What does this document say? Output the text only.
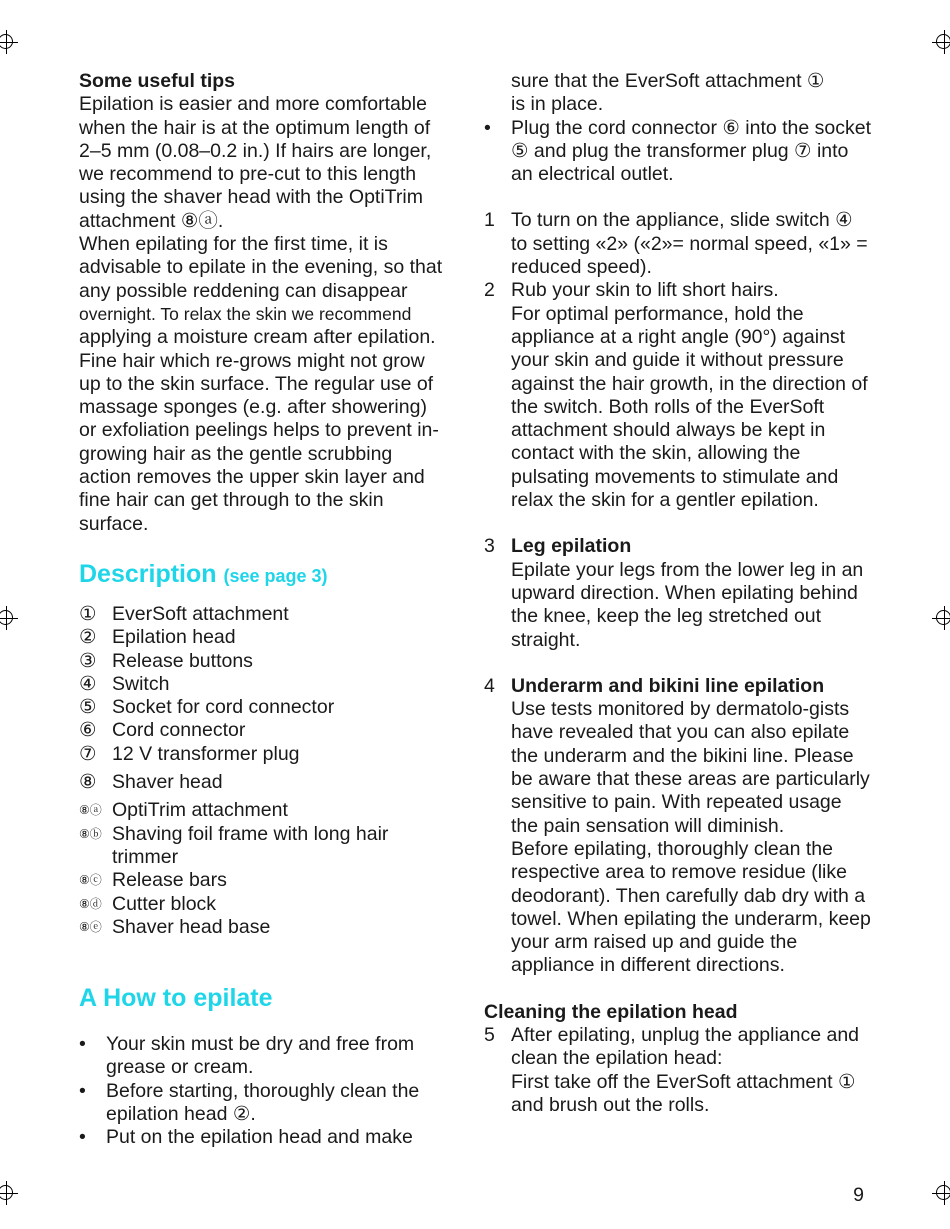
Some useful tips

Epilation is easier and more comfortable

when the hair is at the optimum length of

2–5 mm (0.08–0.2 in.) If hairs are longer,

we recommend to pre-cut to this length

using the shaver head with the OptiTrim

attachment ⑧ⓐ.

When epilating for the first time, it is

advisable to epilate in the evening, so that

any possible reddening can disappear

overnight. To relax the skin we recommend

applying a moisture cream after epilation.

Fine hair which re-grows might not grow

up to the skin surface. The regular use of

massage sponges (e.g. after showering)

or exfoliation peelings helps to prevent in-

growing hair as the gentle scrubbing

action removes the upper skin layer and

fine hair can get through to the skin

surface.

Description (see page 3)

① EverSoft attachment
② Epilation head
③ Release buttons
④ Switch
⑤ Socket for cord connector
⑥ Cord connector
⑦ 12 V transformer plug
⑧ Shaver head
⑧ⓐ OptiTrim attachment
⑧ⓑ Shaving foil frame with long hair
trimmer
⑧ⓒ Release bars
⑧ⓓ Cutter block
⑧ⓔ Shaver head base

A How to epilate

• Your skin must be dry and free from grease or cream.
• Before starting, thoroughly clean the epilation head ②.
• Put on the epilation head and make

sure that the EverSoft attachment ①

is in place.

• Plug the cord connector ⑥ into the socket ⑤ and plug the transformer plug ⑦ into an electrical outlet.
1 To turn on the appliance, slide switch ④ to setting «2» («2»= normal speed, «1» = reduced speed).
2 Rub your skin to lift short hairs.

For optimal performance, hold the appliance at a right angle (90°) against your skin and guide it without pressure against the hair growth, in the direction of the switch. Both rolls of the EverSoft attachment should always be kept in contact with the skin, allowing the pulsating movements to stimulate and relax the skin for a gentler epilation.

3 Leg epilation

Epilate your legs from the lower leg in an upward direction. When epilating behind the knee, keep the leg stretched out straight.

4 Underarm and bikini line epilation

Use tests monitored by dermatolo-gists have revealed that you can also epilate the underarm and the bikini line. Please be aware that these areas are particularly sensitive to pain. With repeated usage the pain sensation will diminish.

Before epilating, thoroughly clean the respective area to remove residue (like deodorant). Then carefully dab dry with a towel. When epilating the underarm, keep your arm raised up and guide the appliance in different directions.

Cleaning the epilation head

5 After epilating, unplug the appliance and clean the epilation head:

First take off the EverSoft attachment ① and brush out the rolls.

9
